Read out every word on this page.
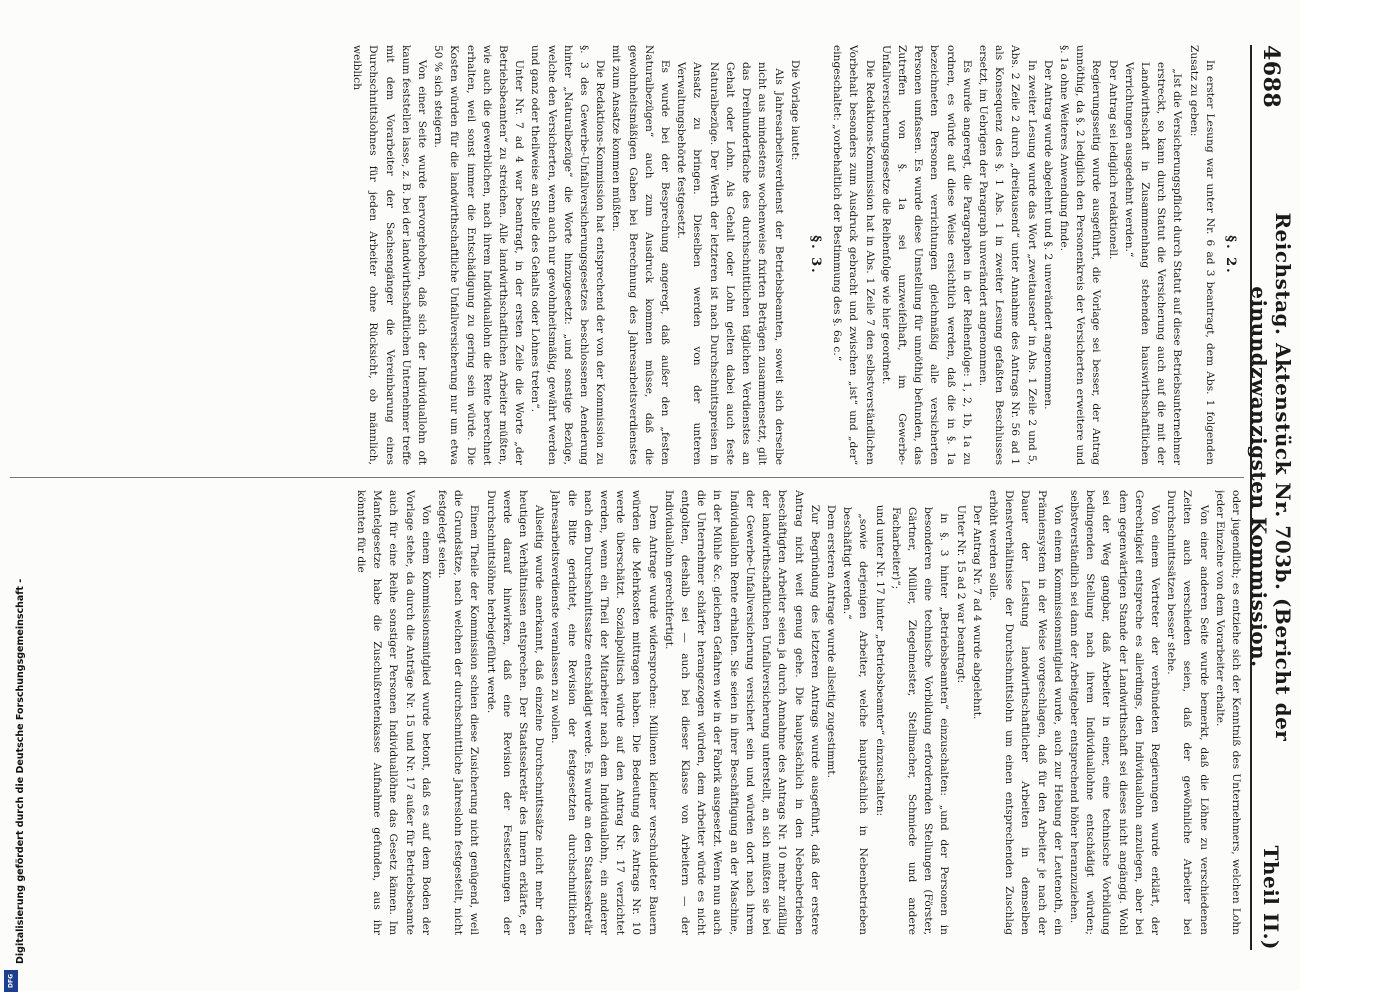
4688
Reichstag. Aktenstück Nr. 703b. (Bericht der einundzwanzigsten Kommission.
Theil II.)
§. 2.

In erster Lesung war unter Nr. 6 ad 3 beantragt, dem Abs. 1 folgenden Zusatz zu geben:

„Ist die Versicherungspflicht durch Statut auf diese Betriebsunternehmer erstreckt, so kann durch Statut die Versicherung auch auf die mit der Landwirthschaft in Zusammenhang stehenden hauswirthschaftlichen Verrichtungen ausgedehnt werden.“

Der Antrag sei lediglich redaktionell.

Regierungsseitig wurde ausgeführt, die Vorlage sei besser, der Antrag unnöthig, da §. 2 lediglich den Personenkreis der Versicherten erweitere und §. 1a ohne Weiteres Anwendung finde.

Der Antrag wurde abgelehnt und §. 2 unverändert angenommen.

In zweiter Lesung wurde das Wort „zweitausend“ in Abs. 1 Zeile 2 und 5, Abs. 2 Zeile 2 durch „dreitausend“ unter Annahme des Antrags Nr. 56 ad 1 als Konsequenz des §. 1 Abs. 1 in zweiter Lesung gefaßten Beschlusses ersetzt, im Uebrigen der Paragraph unverändert angenommen.

Es wurde angeregt, die Paragraphen in der Reihenfolge: 1, 2, 1b, 1a zu ordnen, es würde auf diese Weise ersichtlich werden, daß die in §. 1a bezeichneten Personen verrichtungen gleichmäßig alle versicherten Personen umfassen. Es wurde diese Umstellung für unnöthig befunden, das Zutreffen von §. 1a sei unzweifelhaft, im Gewerbe-Unfallversicherungsgesetze die Reihenfolge wie hier geordnet.

Die Redaktions-Kommission hat in Abs. 1 Zeile 7 den selbstverständlichen Vorbehalt besonders zum Ausdruck gebracht und zwischen „ist“ und „der“ eingeschaltet: „vorbehaltlich der Bestimmung des §. 6a c.“

§. 3.

Die Vorlage lautet:

Als Jahresarbeitsverdienst der Betriebsbeamten, soweit sich derselbe nicht aus mindestens wochenweise fixirten Beträgen zusammensetzt, gilt das Dreihundertfache des durchschnittlichen täglichen Verdienstes an Gehalt oder Lohn. Als Gehalt oder Lohn gelten dabei auch feste Naturalbezüge. Der Werth der letzteren ist nach Durchschnittspreisen in Ansatz zu bringen. Dieselben werden von der unteren Verwaltungsbehörde festgesetzt.

Es wurde bei der Besprechung angeregt, daß außer den „festen Naturalbezügen“ auch zum Ausdruck kommen müsse, daß die gewohnheitsmäßigen Gaben bei Berechnung des Jahresarbeitsverdienstes mit zum Ansatze kommen müßten.

Die Redaktions-Kommission hat entsprechend der von der Kommission zu §. 3 des Gewerbe-Unfallversicherungsgesetzes beschlossenen Aenderung hinter „Naturalbezüge“ die Worte hinzugesetzt: „und sonstige Bezüge, welche den Versicherten, wenn auch nur gewohnheitsmäßig, gewährt werden und ganz oder theilweise an Stelle des Gehalts oder Lohnes treten“.

Unter Nr. 7 ad 4 war beantragt, in der ersten Zeile die Worte „der Betriebsbeamten“ zu streichen. Alle landwirthschaftlichen Arbeiter müßten, wie auch die gewerblichen, nach ihrem Individuallohn die Rente berechnet erhalten, weil sonst immer die Entschädigung zu gering sein würde. Die Kosten würden für die landwirthschaftliche Unfallversicherung nur um etwa 50 % sich steigern.

Von einer Seite wurde hervorgehoben, daß sich der Individuallohn oft kaum feststellen lasse, z. B. bei der landwirthschaftlichen Unternehmer treffe mit dem Vorarbeiter der Sachsengänger die Vereinbarung eines Durchschnittslohnes für jeden Arbeiter ohne Rücksicht, ob männlich, weiblich

oder jugendlich; es entziehe sich der Kenntniß des Unternehmers, welchen Lohn jeder Einzelne von dem Vorarbeiter erhalte.

Von einer anderen Seite wurde bemerkt, daß die Löhne zu verschiedenen Zeiten auch verschieden seien, daß der gewöhnliche Arbeiter bei Durchschnittssätzen besser stehe.

Von einem Vertreter der verbündeten Regierungen wurde erklärt, der Gerechtigkeit entspreche es allerdings, den Individuallohn anzulegen, aber bei dem gegenwärtigen Stande der Landwirthschaft sei dieses nicht angängig. Wohl sei der Weg gangbar, daß Arbeiter in einer, eine technische Vorbildung bedingenden Stellung nach ihrem Individuallohne entschädigt würden; selbstverständlich sei dann der Arbeitgeber entsprechend höher heranzuziehen.

Von einem Kommissionsmitglied wurde, auch zur Hebung der Leutenoth, ein Prämiensystem in der Weise vorgeschlagen, daß für den Arbeiter je nach der Dauer der Leistung landwirthschaftlicher Arbeiten in demselben Dienstverhältnisse der Durchschnittslohn um einen entsprechenden Zuschlag erhöht werden solle.

Der Antrag Nr. 7 ad 4 wurde abgelehnt.

Unter Nr. 15 ad 2 war beantragt:

in §. 3 hinter „Betriebsbeamten“ einzuschalten: „und der Personen in besonderen eine technische Vorbildung erfordernden Stellungen (Förster, Gärtner, Müller, Ziegelmeister, Stellmacher, Schmiede und andere Facharbeiter)“;

und unter Nr. 17 hinter „Betriebsbeamter“ einzuschalten:

„sowie derjenigen Arbeiter, welche hauptsächlich in Nebenbetrieben beschäftigt werden.“

Dem ersteren Antrage wurde allseitig zugestimmt.

Zur Begründung des letzteren Antrags wurde ausgeführt, daß der erstere Antrag nicht weit genug gehe. Die hauptsächlich in den Nebenbetrieben beschäftigten Arbeiter seien ja durch Annahme des Antrags Nr. 10 mehr zufällig der landwirthschaftlichen Unfallversicherung unterstellt, an sich müßten sie bei der Gewerbe-Unfallversicherung versichert sein und würden dort nach ihrem Individuallohn Rente erhalten. Sie seien in ihrer Beschäftigung an der Maschine, in der Mühle &c. gleichen Gefahren wie in der Fabrik ausgesetzt. Wenn nun auch die Unternehmer schärfer herangezogen würden, dem Arbeiter würde es nicht entgolten, deshalb sei — auch bei dieser Klasse von Arbeitern — der Individuallohn gerechtfertigt.

Dem Antrage wurde widersprochen: Millionen kleiner verschuldeter Bauern würden die Mehrkosten mittragen haben. Die Bedeutung des Antrags Nr. 10 werde überschätzt. Sozialpolitisch würde auf den Antrag Nr. 17 verzichtet werden, wenn ein Theil der Mitarbeiter nach dem Individuallohn, ein anderer nach dem Durchschnittssatze entschädigt werde. Es wurde an den Staatssekretär die Bitte gerichtet, eine Revision der festgesetzten durchschnittlichen Jahresarbeitsverdienste veranlassen zu wollen.

Allseitig wurde anerkannt, daß einzelne Durchschnittssätze nicht mehr den heutigen Verhältnissen entsprechen. Der Staatssekretär des Innern erklärte, er werde darauf hinwirken, daß eine Revision der Festsetzungen der Durchschnittslöhne herbeigeführt werde.

Einem Theile der Kommission schien diese Zusicherung nicht genügend, weil die Grundsätze, nach welchen der durchschnittliche Jahreslohn festgestellt, nicht festgelegt seien.

Von einem Kommissionsmitglied wurde betont, daß es auf dem Boden der Vorlage stehe, da durch die Anträge Nr. 15 und Nr. 17 außer für Betriebsbeamte auch für eine Reihe sonstiger Personen Individuallöhne das Gesetz kämen. Im Mantelgesetze habe die Zuschußrentenkasse Aufnahme gefunden, aus ihr könnten für die

Digitalisierung gefördert durch die Deutsche Forschungsgemeinschaft -
DFG
